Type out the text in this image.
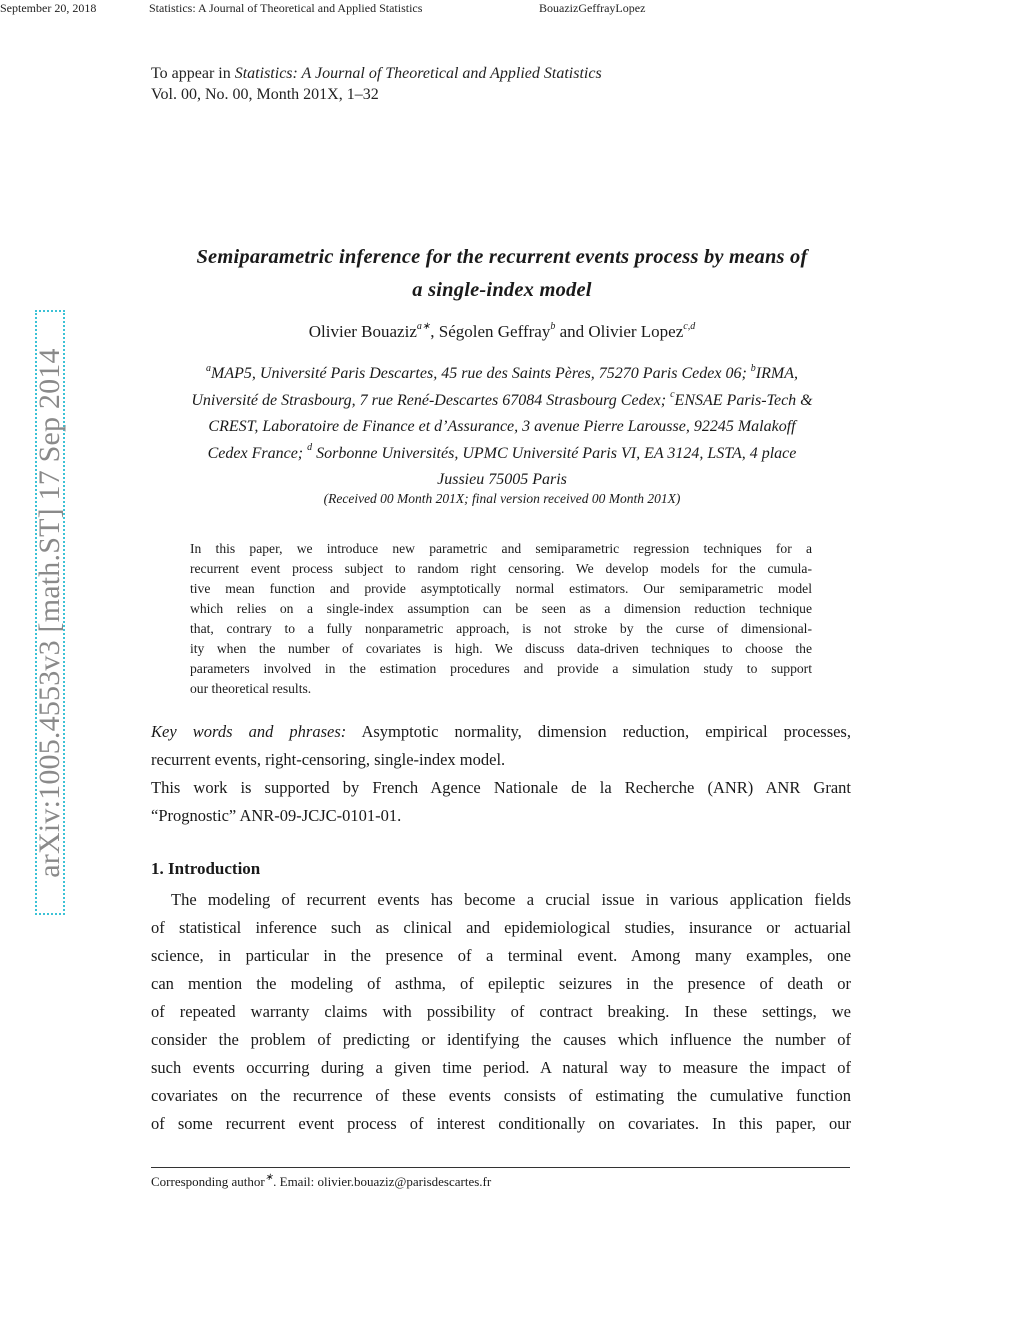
September 20, 2018	Statistics: A Journal of Theoretical and Applied Statistics	BouazizGeffrayLopez
To appear in Statistics: A Journal of Theoretical and Applied Statistics
Vol. 00, No. 00, Month 201X, 1–32
arXiv:1005.4553v3 [math.ST] 17 Sep 2014
Semiparametric inference for the recurrent events process by means of
a single-index model
Olivier Bouaziz$^{a∗}$, Ségolen Geffray$^b$ and Olivier Lopez$^{c,d}$
$^a$MAP5, Université Paris Descartes, 45 rue des Saints Pères, 75270 Paris Cedex 06; $^b$IRMA,
Université de Strasbourg, 7 rue René-Descartes 67084 Strasbourg Cedex; $^c$ENSAE Paris-Tech &
CREST, Laboratoire de Finance et d’Assurance, 3 avenue Pierre Larousse, 92245 Malakoff
Cedex France; $^d$ Sorbonne Universités, UPMC Université Paris VI, EA 3124, LSTA, 4 place
Jussieu 75005 Paris
(Received 00 Month 201X; final version received 00 Month 201X)
In this paper, we introduce new parametric and semiparametric regression techniques for a
recurrent event process subject to random right censoring. We develop models for the cumula-
tive mean function and provide asymptotically normal estimators. Our semiparametric model
which relies on a single-index assumption can be seen as a dimension reduction technique
that, contrary to a fully nonparametric approach, is not stroke by the curse of dimensional-
ity when the number of covariates is high. We discuss data-driven techniques to choose the
parameters involved in the estimation procedures and provide a simulation study to support
our theoretical results.
Key words and phrases: Asymptotic normality, dimension reduction, empirical processes,
recurrent events, right-censoring, single-index model.
This work is supported by French Agence Nationale de la Recherche (ANR) ANR Grant
“Prognostic” ANR-09-JCJC-0101-01.
1. Introduction
The modeling of recurrent events has become a crucial issue in various application fields
of statistical inference such as clinical and epidemiological studies, insurance or actuarial
science, in particular in the presence of a terminal event. Among many examples, one
can mention the modeling of asthma, of epileptic seizures in the presence of death or
of repeated warranty claims with possibility of contract breaking. In these settings, we
consider the problem of predicting or identifying the causes which influence the number of
such events occurring during a given time period. A natural way to measure the impact of
covariates on the recurrence of these events consists of estimating the cumulative function
of some recurrent event process of interest conditionally on covariates. In this paper, our
Corresponding author∗. Email: olivier.bouaziz@parisdescartes.fr
